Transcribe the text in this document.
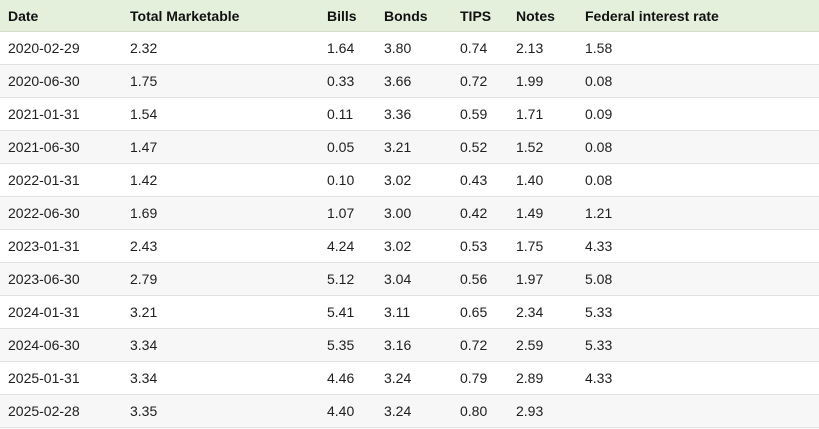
Date	Total Marketable	Bills	Bonds	TIPS	Notes	Federal interest rate
2020-02-29	2.32	1.64	3.80	0.74	2.13	1.58
2020-06-30	1.75	0.33	3.66	0.72	1.99	0.08
2021-01-31	1.54	0.11	3.36	0.59	1.71	0.09
2021-06-30	1.47	0.05	3.21	0.52	1.52	0.08
2022-01-31	1.42	0.10	3.02	0.43	1.40	0.08
2022-06-30	1.69	1.07	3.00	0.42	1.49	1.21
2023-01-31	2.43	4.24	3.02	0.53	1.75	4.33
2023-06-30	2.79	5.12	3.04	0.56	1.97	5.08
2024-01-31	3.21	5.41	3.11	0.65	2.34	5.33
2024-06-30	3.34	5.35	3.16	0.72	2.59	5.33
2025-01-31	3.34	4.46	3.24	0.79	2.89	4.33
2025-02-28	3.35	4.40	3.24	0.80	2.93	
